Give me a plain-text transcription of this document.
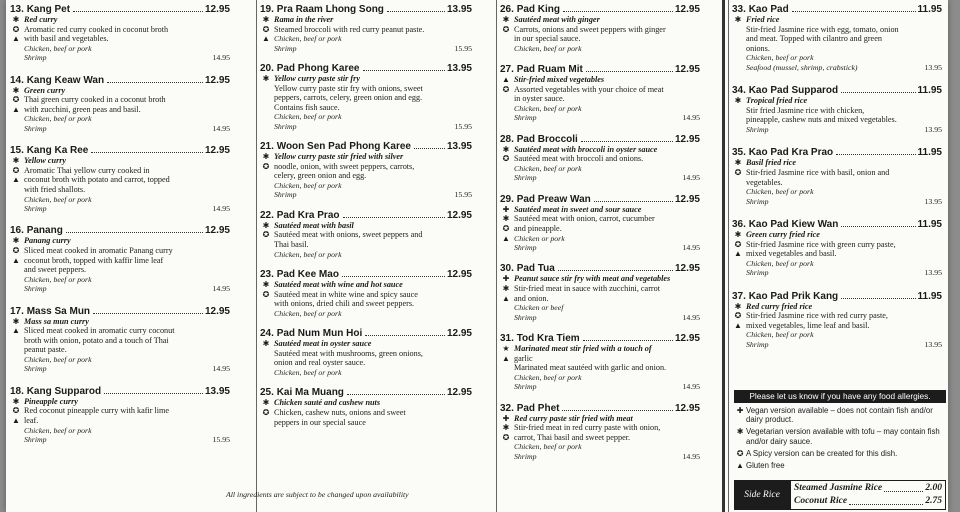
13. Kang Pet	12.95
✱
✪
▲
Red curry
Aromatic red curry cooked in coconut broth
with basil and vegetables.
Chicken, beef or pork
Shrimp	14.95
14. Kang Keaw Wan	12.95
✱
✪
▲
Green curry
Thai green curry cooked in a coconut broth
with zucchini, green peas and basil.
Chicken, beef or pork
Shrimp	14.95
15. Kang Ka Ree	12.95
✱
✪
▲
Yellow curry
Aromatic Thai yellow curry cooked in
coconut broth with potato and carrot, topped
with fried shallots.
Chicken, beef or pork
Shrimp	14.95
16. Panang	12.95
✱
✪
▲
Panang curry
Sliced meat cooked in aromatic Panang curry
coconut broth, topped with kaffir lime leaf
and sweet peppers.
Chicken, beef or pork
Shrimp	14.95
17. Mass Sa Mun	12.95
✱
▲
Mass sa mun curry
Sliced meat cooked in aromatic curry coconut
broth with onion, potato and a touch of Thai
peanut paste.
Chicken, beef or pork
Shrimp	14.95
18. Kang Supparod	13.95
✱
✪
▲
Pineapple curry
Red coconut pineapple curry with kafir lime
leaf.
Chicken, beef or pork
Shrimp	15.95
19. Pra Raam Lhong Song	13.95
✱
✪
▲
Rama in the river
Steamed broccoli with red curry peanut paste.
Chicken, beef or pork
Shrimp	15.95
20. Pad Phong Karee	13.95
✱ Yellow curry paste stir fry
Yellow curry paste stir fry with onions, sweet
peppers, carrots, celery, green onion and egg.
Contains fish sauce.
Chicken, beef or pork
Shrimp	15.95
21. Woon Sen Pad Phong Karee	13.95
✱
✪
Yellow curry paste stir fried with silver
noodle, onion, with sweet peppers, carrots,
celery, green onion and egg.
Chicken, beef or pork
Shrimp	15.95
22. Pad Kra Prao	12.95
✱
✪
Sautéed meat with basil
Sautéed meat with onions, sweet peppers and
Thai basil.
Chicken, beef or pork
23. Pad Kee Mao	12.95
✱
✪
Sautéed meat with wine and hot sauce
Sautéed meat in white wine and spicy sauce
with onions, dried chili and sweet peppers.
Chicken, beef or pork
24. Pad Num Mun Hoi	12.95
✱ Sautéed meat in oyster sauce
Sautéed meat with mushrooms, green onions,
onion and real oyster sauce.
Chicken, beef or pork
25. Kai Ma Muang	12.95
✱
✪
Chicken sauté and cashew nuts
Chicken, cashew nuts, onions and sweet
peppers in our special sauce
26. Pad King	12.95
✱
✪
Sautéed meat with ginger
Carrots, onions and sweet peppers with ginger
in our special sauce.
Chicken, beef or pork
27. Pad Ruam Mit	12.95
▲
✪
Stir-fried mixed vegetables
Assorted vegetables with your choice of meat
in oyster sauce.
Chicken, beef or pork
Shrimp	14.95
28. Pad Broccoli	12.95
✱
✪
Sautéed meat with broccoli in oyster sauce
Sautéed meat with broccoli and onions.
Chicken, beef or pork
Shrimp	14.95
29. Pad Preaw Wan	12.95
✚
✱
✪
▲
Sautéed meat in sweet and sour sauce
Sautéed meat with onion, carrot, cucumber
and pineapple.
Chicken or pork
Shrimp	14.95
30. Pad Tua	12.95
✚
✱
▲
Peanut sauce stir fry with meat and vegetables
Stir-fried meat in sauce with zucchini, carrot
and onion.
Chicken or beef
Shrimp	14.95
31. Tod Kra Tiem	12.95
★
▲
Marinated meat stir fried with a touch of
garlic
Marinated meat sautéed with garlic and onion.
Chicken, beef or pork
Shrimp	14.95
32. Pad Phet	12.95
✚
✱
✪
Red curry paste stir fried with meat
Stir-fried meat in red curry paste with onion,
carrot, Thai basil and sweet pepper.
Chicken, beef or pork
Shrimp	14.95
33. Kao Pad	11.95
✱ Fried rice
Stir-fried Jasmine rice with egg, tomato, onion
and meat. Topped with cilantro and green
onions.
Chicken, beef or pork
Seafood (mussel, shrimp, crabstick)	13.95
34. Kao Pad Supparod	11.95
✱ Tropical fried rice
Stir fried Jasmine rice with chicken,
pineapple, cashew nuts and mixed vegetables.
Shrimp	13.95
35. Kao Pad Kra Prao	11.95
✱
✪
Basil fried rice
Stir-fried Jasmine rice with basil, onion and
vegetables.
Chicken, beef or pork
Shrimp	13.95
36. Kao Pad Kiew Wan	11.95
✱
✪
▲
Green curry fried rice
Stir-fried Jasmine rice with green curry paste,
mixed vegetables and basil.
Chicken, beef or pork
Shrimp	13.95
37. Kao Pad Prik Kang	11.95
✱
✪
▲
Red curry fried rice
Stir-fried Jasmine rice with red curry paste,
mixed vegetables, lime leaf and basil.
Chicken, beef or pork
Shrimp	13.95
All ingredients are subject to be changed upon availability
Please let us know if you have any food allergies.
✚ Vegan version available – does not contain fish and/or dairy product.
✱ Vegetarian version available with tofu – may contain fish and/or dairy sauce.
✪ A Spicy version can be created for this dish.
▲ Gluten free
Side Rice
Steamed Jasmine Rice	2.00
Coconut Rice	2.75
